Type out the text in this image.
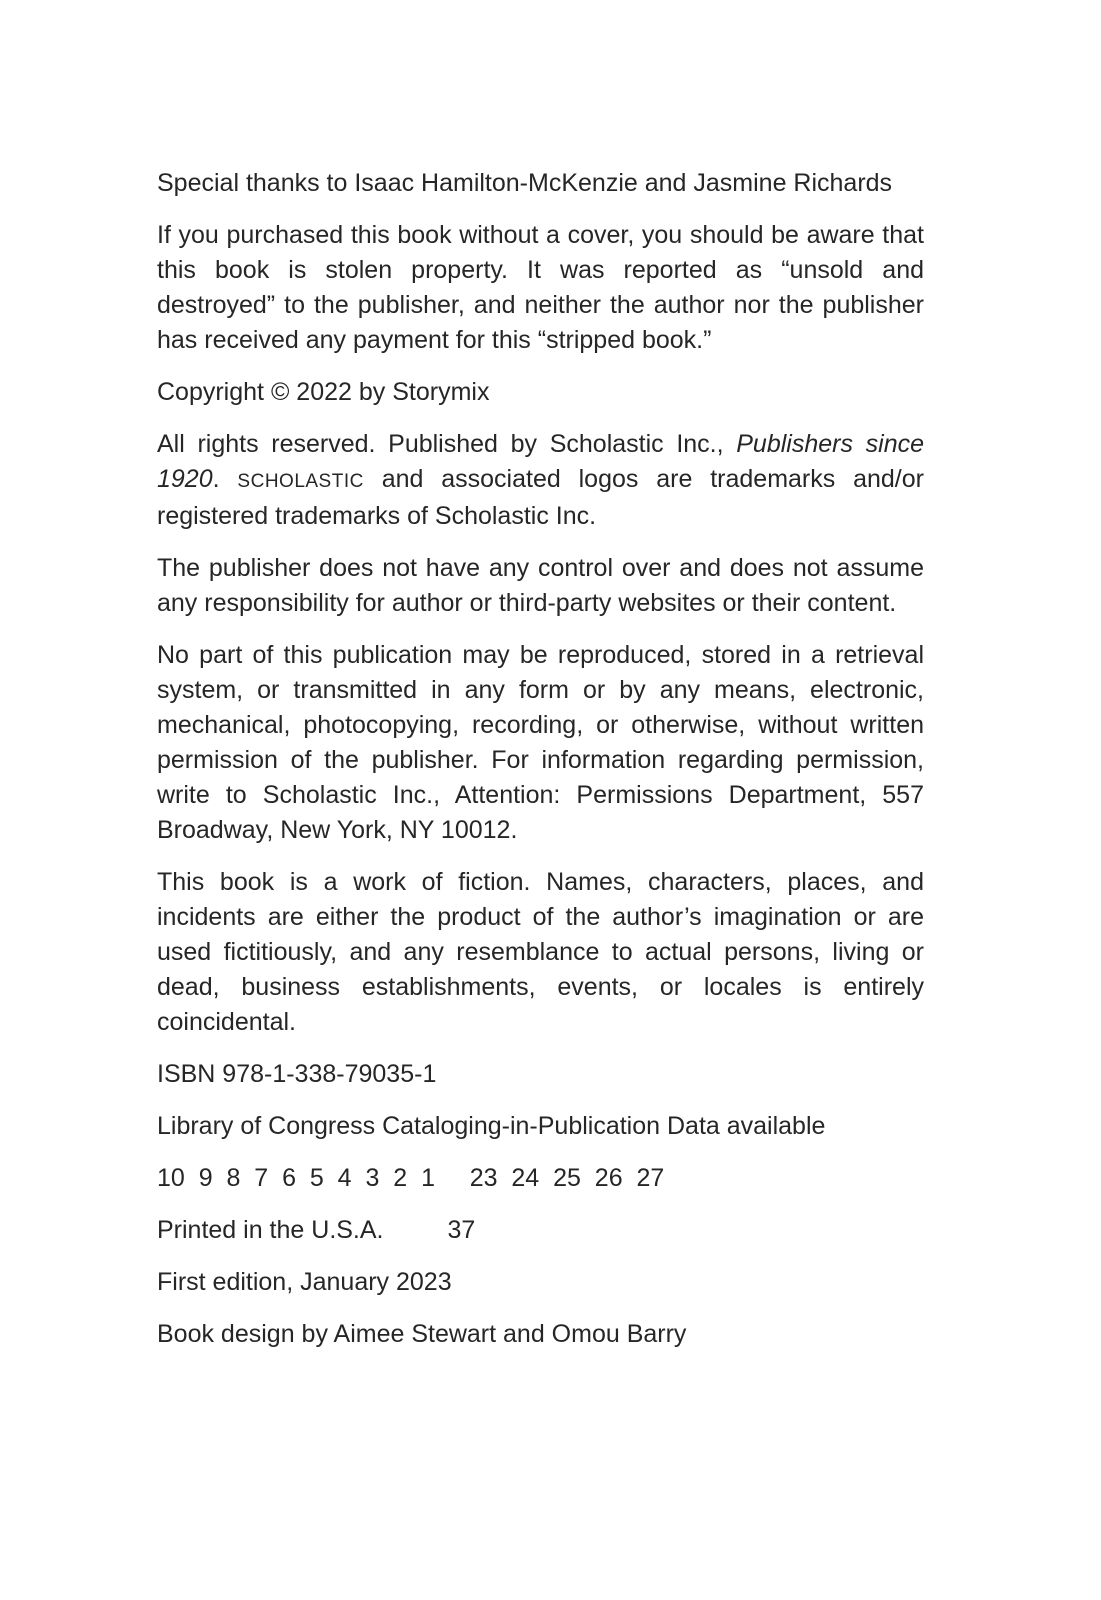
Special thanks to Isaac Hamilton-McKenzie and Jasmine Richards

If you purchased this book without a cover, you should be aware that this book is stolen property. It was reported as “unsold and destroyed” to the publisher, and neither the author nor the publisher has received any payment for this “stripped book.”

Copyright © 2022 by Storymix

All rights reserved. Published by Scholastic Inc., Publishers since 1920. SCHOLASTIC and associated logos are trademarks and/or registered trademarks of Scholastic Inc.

The publisher does not have any control over and does not assume any responsibility for author or third-party websites or their content.

No part of this publication may be reproduced, stored in a retrieval system, or transmitted in any form or by any means, electronic, mechanical, photocopying, recording, or otherwise, without written permission of the publisher. For information regarding permission, write to Scholastic Inc., Attention: Permissions Department, 557 Broadway, New York, NY 10012.

This book is a work of fiction. Names, characters, places, and incidents are either the product of the author’s imagination or are used fictitiously, and any resemblance to actual persons, living or dead, business establishments, events, or locales is entirely coincidental.

ISBN 978-1-338-79035-1

Library of Congress Cataloging-in-Publication Data available

10  9  8  7  6  5  4  3  2  1     23  24  25  26  27

Printed in the U.S.A.	37

First edition, January 2023

Book design by Aimee Stewart and Omou Barry
